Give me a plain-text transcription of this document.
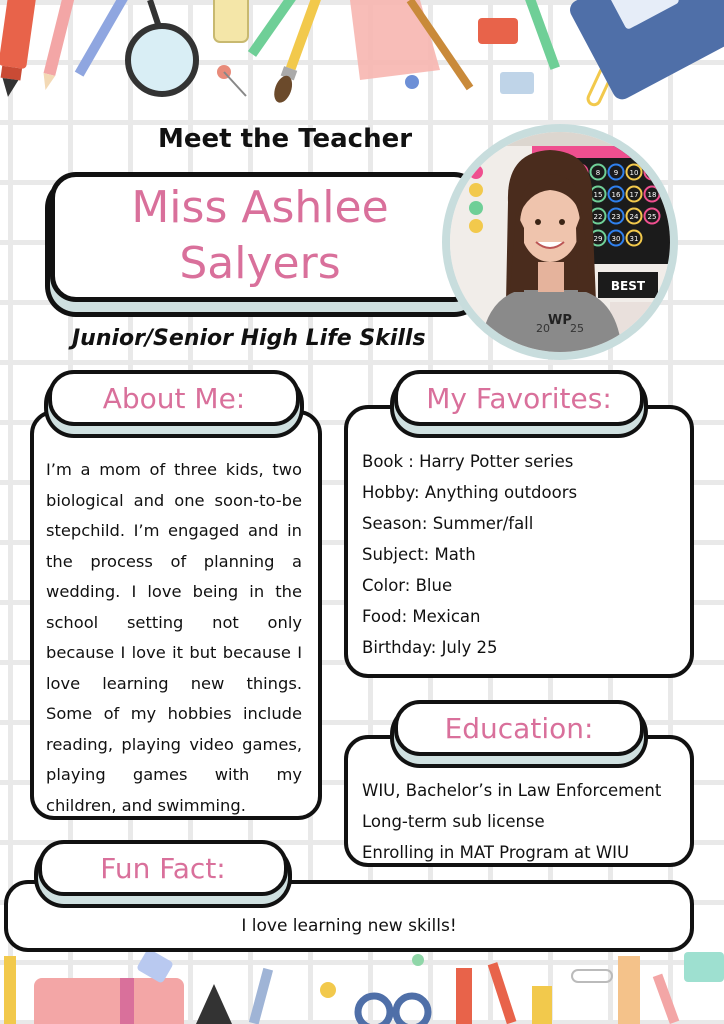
Meet the Teacher
Miss Ashlee
Salyers
8 9 10 11
15 16 17 18
22 23 24 25
29 30 31
BEST
20
WP
25
Junior/Senior High Life Skills
About Me:
I’m a mom of three kids, two biological and one soon-to-be stepchild. I’m engaged and in the process of planning a wedding. I love being in the school setting not only because I love it but because I love learning new things. Some of my hobbies include reading, playing video games, playing games with my children, and swimming.
My Favorites:
Book : Harry Potter series
Hobby: Anything outdoors
Season: Summer/fall
Subject: Math
Color: Blue
Food: Mexican
Birthday: July 25
Education:
WIU, Bachelor’s in Law Enforcement
Long-term sub license
Enrolling in MAT Program at WIU
Fun Fact:
I love learning new skills!
